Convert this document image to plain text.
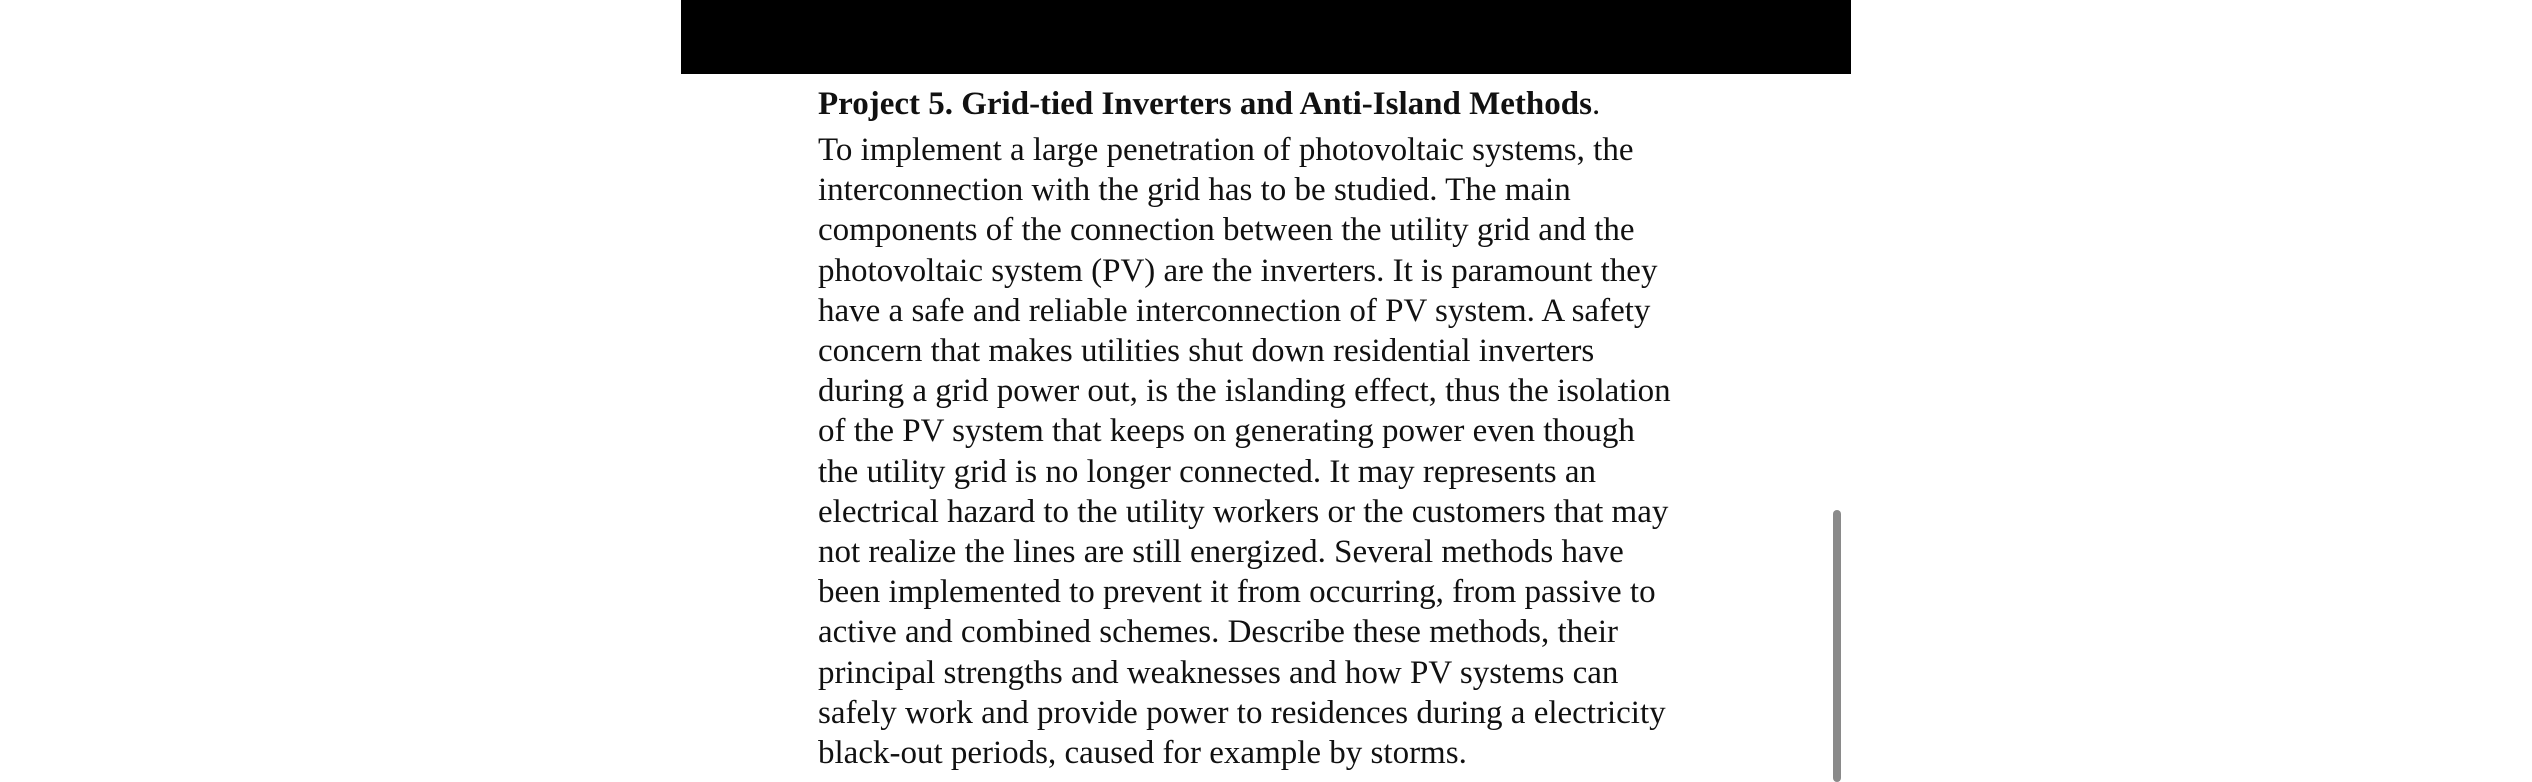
Project 5. Grid-tied Inverters and Anti-Island Methods.

To implement a large penetration of photovoltaic systems, the
interconnection with the grid has to be studied. The main
components of the connection between the utility grid and the
photovoltaic system (PV) are the inverters. It is paramount they
have a safe and reliable interconnection of PV system. A safety
concern that makes utilities shut down residential inverters
during a grid power out, is the islanding effect, thus the isolation
of the PV system that keeps on generating power even though
the utility grid is no longer connected. It may represents an
electrical hazard to the utility workers or the customers that may
not realize the lines are still energized. Several methods have
been implemented to prevent it from occurring, from passive to
active and combined schemes. Describe these methods, their
principal strengths and weaknesses and how PV systems can
safely work and provide power to residences during a electricity
black-out periods, caused for example by storms.
